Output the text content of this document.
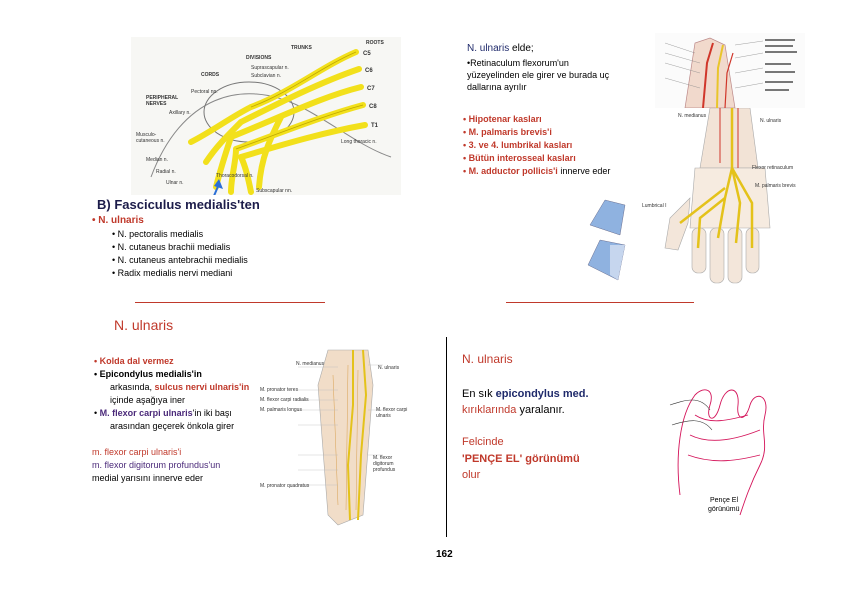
TRUNKS
ROOTS
DIVISIONS
CORDS
PERIPHERAL NERVES
C5
C6
C7
C8
T1
Suprascapular n.
Subclavian n.
Pectoral nn.
Axillary n.
Musculo-cutaneous n.
Median n.
Radial n.
Ulnar n.
Long thoracic n.
Thoracodorsal n.
Subscapular nn.
N. ulnaris elde;
•Retinaculum flexorum'un
yüzeyelinden ele girer ve burada uç
dallarına ayrılır
• Hipotenar kasları
• M. palmaris brevis'i
• 3. ve 4. lumbrikal kasları
• Bütün interosseal kasları
• M. adductor pollicis'i innerve eder
N. ulnaris
N. medianus
Flexor retinaculum
M. palmaris brevis
Lumbrical I
B) Fasciculus medialis'ten
• N. ulnaris
• N. pectoralis medialis
• N. cutaneus brachii medialis
• N. cutaneus antebrachii medialis
• Radix medialis nervi mediani
N. ulnaris
• Kolda dal vermez
• Epicondylus medialis'in
arkasında, sulcus nervi ulnaris'in
içinde aşağıya iner
• M. flexor carpi ulnaris'in iki başı
arasından geçerek önkola girer
m. flexor carpi ulnaris'i
m. flexor digitorum profundus'un
medial yarısını innerve eder
N. medianus
N. ulnaris
M. pronator teres
M. flexor carpi radialis
M. palmaris longus
M. flexor digitorum profundus
M. flexor carpi ulnaris
M. pronator quadratus
N. ulnaris
En sık epicondylus med.
kırıklarında yaralanır.
Felcinde
'PENÇE EL' görünümü
olur
Pençe El
görünümü
162
